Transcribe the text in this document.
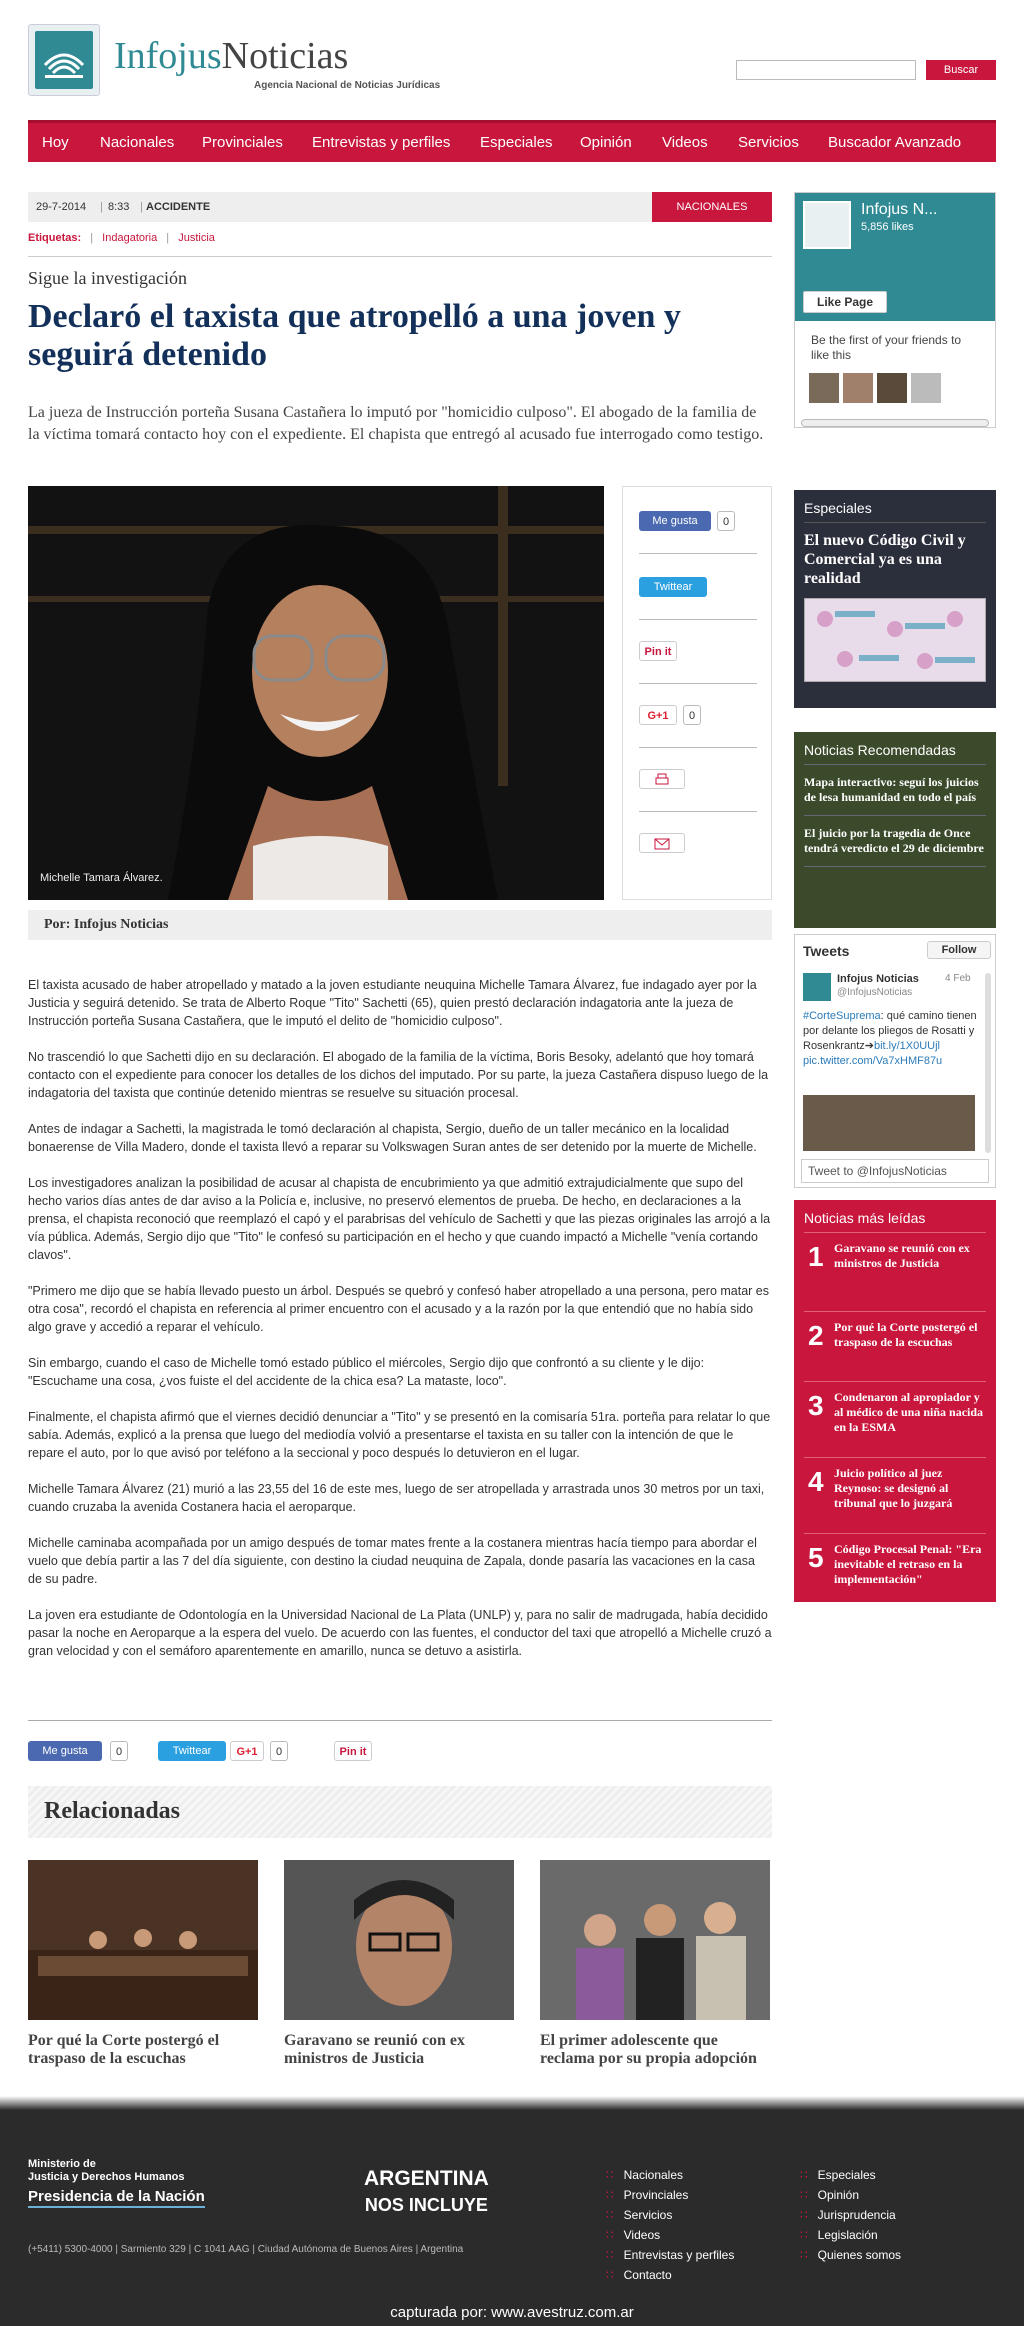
InfojusNoticias
Agencia Nacional de Noticias Jurídicas
Buscar
Hoy Nacionales Provinciales Entrevistas y perfiles Especiales Opinión Videos Servicios Buscador Avanzado
29-7-2014 | 8:33 | ACCIDENTE	NACIONALES
Etiquetas: | Indagatoria | Justicia
Sigue la investigación
Declaró el taxista que atropelló a una joven y seguirá detenido
La jueza de Instrucción porteña Susana Castañera lo imputó por "homicidio culposo". El abogado de la familia de la víctima tomará contacto hoy con el expediente. El chapista que entregó al acusado fue interrogado como testigo.
Michelle Tamara Álvarez.
Me gusta	0
Twittear
Pin it
G+1	0
Por: Infojus Noticias

El taxista acusado de haber atropellado y matado a la joven estudiante neuquina Michelle Tamara Álvarez, fue indagado ayer por la Justicia y seguirá detenido. Se trata de Alberto Roque "Tito" Sachetti (65), quien prestó declaración indagatoria ante la jueza de Instrucción porteña Susana Castañera, que le imputó el delito de "homicidio culposo".

No trascendió lo que Sachetti dijo en su declaración. El abogado de la familia de la víctima, Boris Besoky, adelantó que hoy tomará contacto con el expediente para conocer los detalles de los dichos del imputado. Por su parte, la jueza Castañera dispuso luego de la indagatoria del taxista que continúe detenido mientras se resuelve su situación procesal.

Antes de indagar a Sachetti, la magistrada le tomó declaración al chapista, Sergio, dueño de un taller mecánico en la localidad bonaerense de Villa Madero, donde el taxista llevó a reparar su Volkswagen Suran antes de ser detenido por la muerte de Michelle.

Los investigadores analizan la posibilidad de acusar al chapista de encubrimiento ya que admitió extrajudicialmente que supo del hecho varios días antes de dar aviso a la Policía e, inclusive, no preservó elementos de prueba. De hecho, en declaraciones a la prensa, el chapista reconoció que reemplazó el capó y el parabrisas del vehículo de Sachetti y que las piezas originales las arrojó a la vía pública. Además, Sergio dijo que "Tito" le confesó su participación en el hecho y que cuando impactó a Michelle "venía cortando clavos".

"Primero me dijo que se había llevado puesto un árbol. Después se quebró y confesó haber atropellado a una persona, pero matar es otra cosa", recordó el chapista en referencia al primer encuentro con el acusado y a la razón por la que entendió que no había sido algo grave y accedió a reparar el vehículo.

Sin embargo, cuando el caso de Michelle tomó estado público el miércoles, Sergio dijo que confrontó a su cliente y le dijo: "Escuchame una cosa, ¿vos fuiste el del accidente de la chica esa? La mataste, loco".

Finalmente, el chapista afirmó que el viernes decidió denunciar a "Tito" y se presentó en la comisaría 51ra. porteña para relatar lo que sabía. Además, explicó a la prensa que luego del mediodía volvió a presentarse el taxista en su taller con la intención de que le repare el auto, por lo que avisó por teléfono a la seccional y poco después lo detuvieron en el lugar.

Michelle Tamara Álvarez (21) murió a las 23,55 del 16 de este mes, luego de ser atropellada y arrastrada unos 30 metros por un taxi, cuando cruzaba la avenida Costanera hacia el aeroparque.

Michelle caminaba acompañada por un amigo después de tomar mates frente a la costanera mientras hacía tiempo para abordar el vuelo que debía partir a las 7 del día siguiente, con destino la ciudad neuquina de Zapala, donde pasaría las vacaciones en la casa de su padre.

La joven era estudiante de Odontología en la Universidad Nacional de La Plata (UNLP) y, para no salir de madrugada, había decidido pasar la noche en Aeroparque a la espera del vuelo. De acuerdo con las fuentes, el conductor del taxi que atropelló a Michelle cruzó a gran velocidad y con el semáforo aparentemente en amarillo, nunca se detuvo a asistirla.

Me gusta	0	Twittear	G+1	0	Pin it
Relacionadas
Por qué la Corte postergó el traspaso de la escuchas
Garavano se reunió con ex ministros de Justicia
El primer adolescente que reclama por su propia adopción
Infojus N...
5,856 likes
Like Page
Be the first of your friends to like this
Especiales
El nuevo Código Civil y Comercial ya es una realidad
Noticias Recomendadas
Mapa interactivo: seguí los juicios de lesa humanidad en todo el país
El juicio por la tragedia de Once tendrá veredicto el 29 de diciembre
Tweets	Follow
Infojus Noticias	4 Feb
@InfojusNoticias
#CorteSuprema: qué camino tienen por delante los pliegos de Rosatti y Rosenkrantz➔bit.ly/1X0UUjl pic.twitter.com/Va7xHMF87u
Tweet to @InfojusNoticias
Noticias más leídas
1 Garavano se reunió con ex ministros de Justicia
2 Por qué la Corte postergó el traspaso de la escuchas
3 Condenaron al apropiador y al médico de una niña nacida en la ESMA
4 Juicio político al juez Reynoso: se designó al tribunal que lo juzgará
5 Código Procesal Penal: "Era inevitable el retraso en la implementación"
Ministerio de
Justicia y Derechos Humanos
Presidencia de la Nación
ARGENTINA
NOS INCLUYE
(+5411) 5300-4000 | Sarmiento 329 | C 1041 AAG | Ciudad Autónoma de Buenos Aires | Argentina
∷ Nacionales
∷ Provinciales
∷ Servicios
∷ Videos
∷ Entrevistas y perfiles
∷ Contacto
∷ Especiales
∷ Opinión
∷ Jurisprudencia
∷ Legislación
∷ Quienes somos
capturada por: www.avestruz.com.ar
